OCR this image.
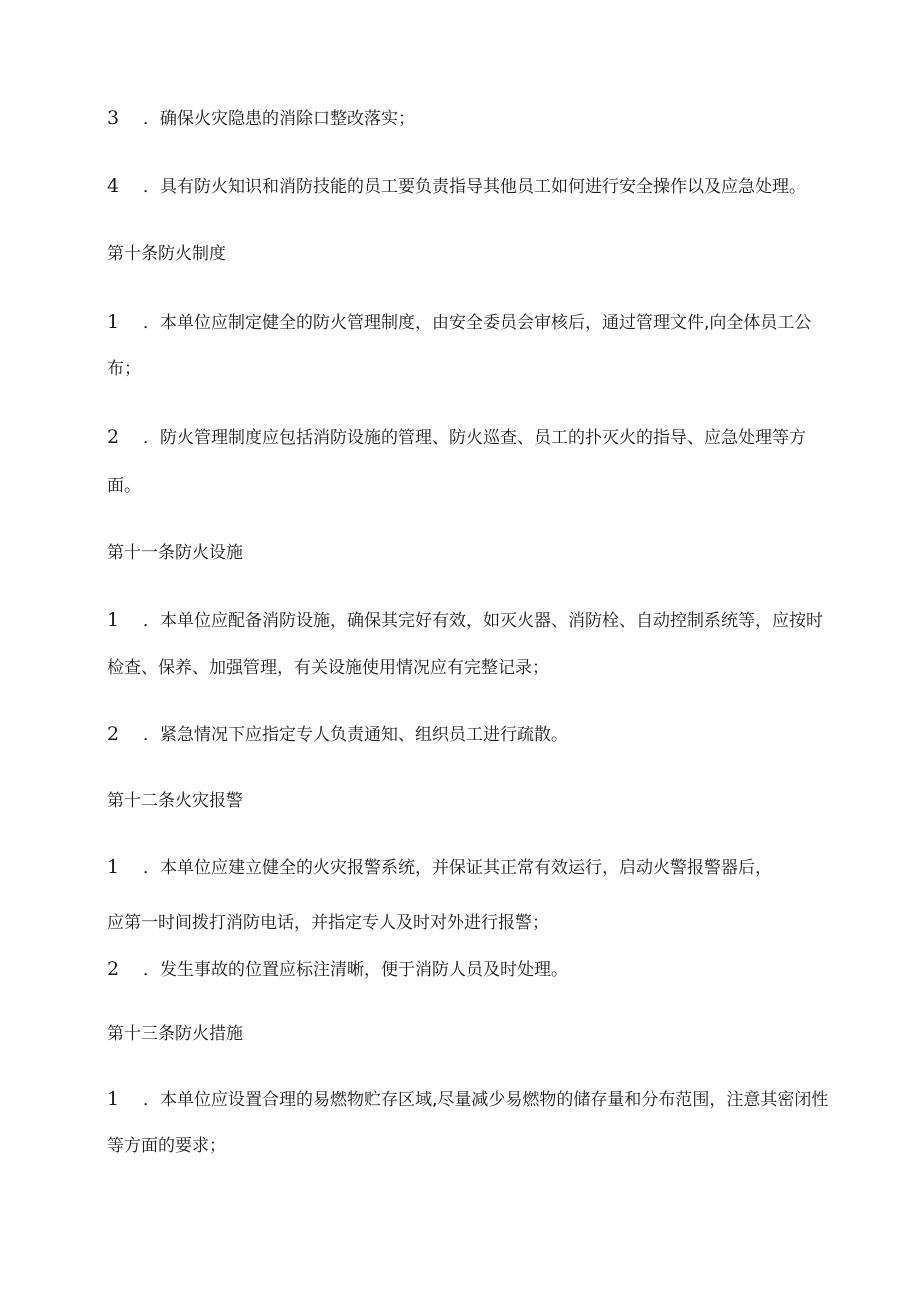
3 ．确保火灾隐患的消除口整改落实；
4 ．具有防火知识和消防技能的员工要负责指导其他员工如何进行安全操作以及应急处理。
第十条防火制度
1 ．本单位应制定健全的防火管理制度，由安全委员会审核后，通过管理文件,向全体员工公
布；
2 ．防火管理制度应包括消防设施的管理、防火巡查、员工的扑灭火的指导、应急处理等方
面。
第十一条防火设施
1 ．本单位应配备消防设施，确保其完好有效，如灭火器、消防栓、自动控制系统等，应按时
检查、保养、加强管理，有关设施使用情况应有完整记录；
2 ．紧急情况下应指定专人负责通知、组织员工进行疏散。
第十二条火灾报警
1 ．本单位应建立健全的火灾报警系统，并保证其正常有效运行，启动火警报警器后，
应第一时间拨打消防电话，并指定专人及时对外进行报警；
2 ．发生事故的位置应标注清晰，便于消防人员及时处理。
第十三条防火措施
1 ．本单位应设置合理的易燃物贮存区域,尽量减少易燃物的储存量和分布范围，注意其密闭性
等方面的要求；
